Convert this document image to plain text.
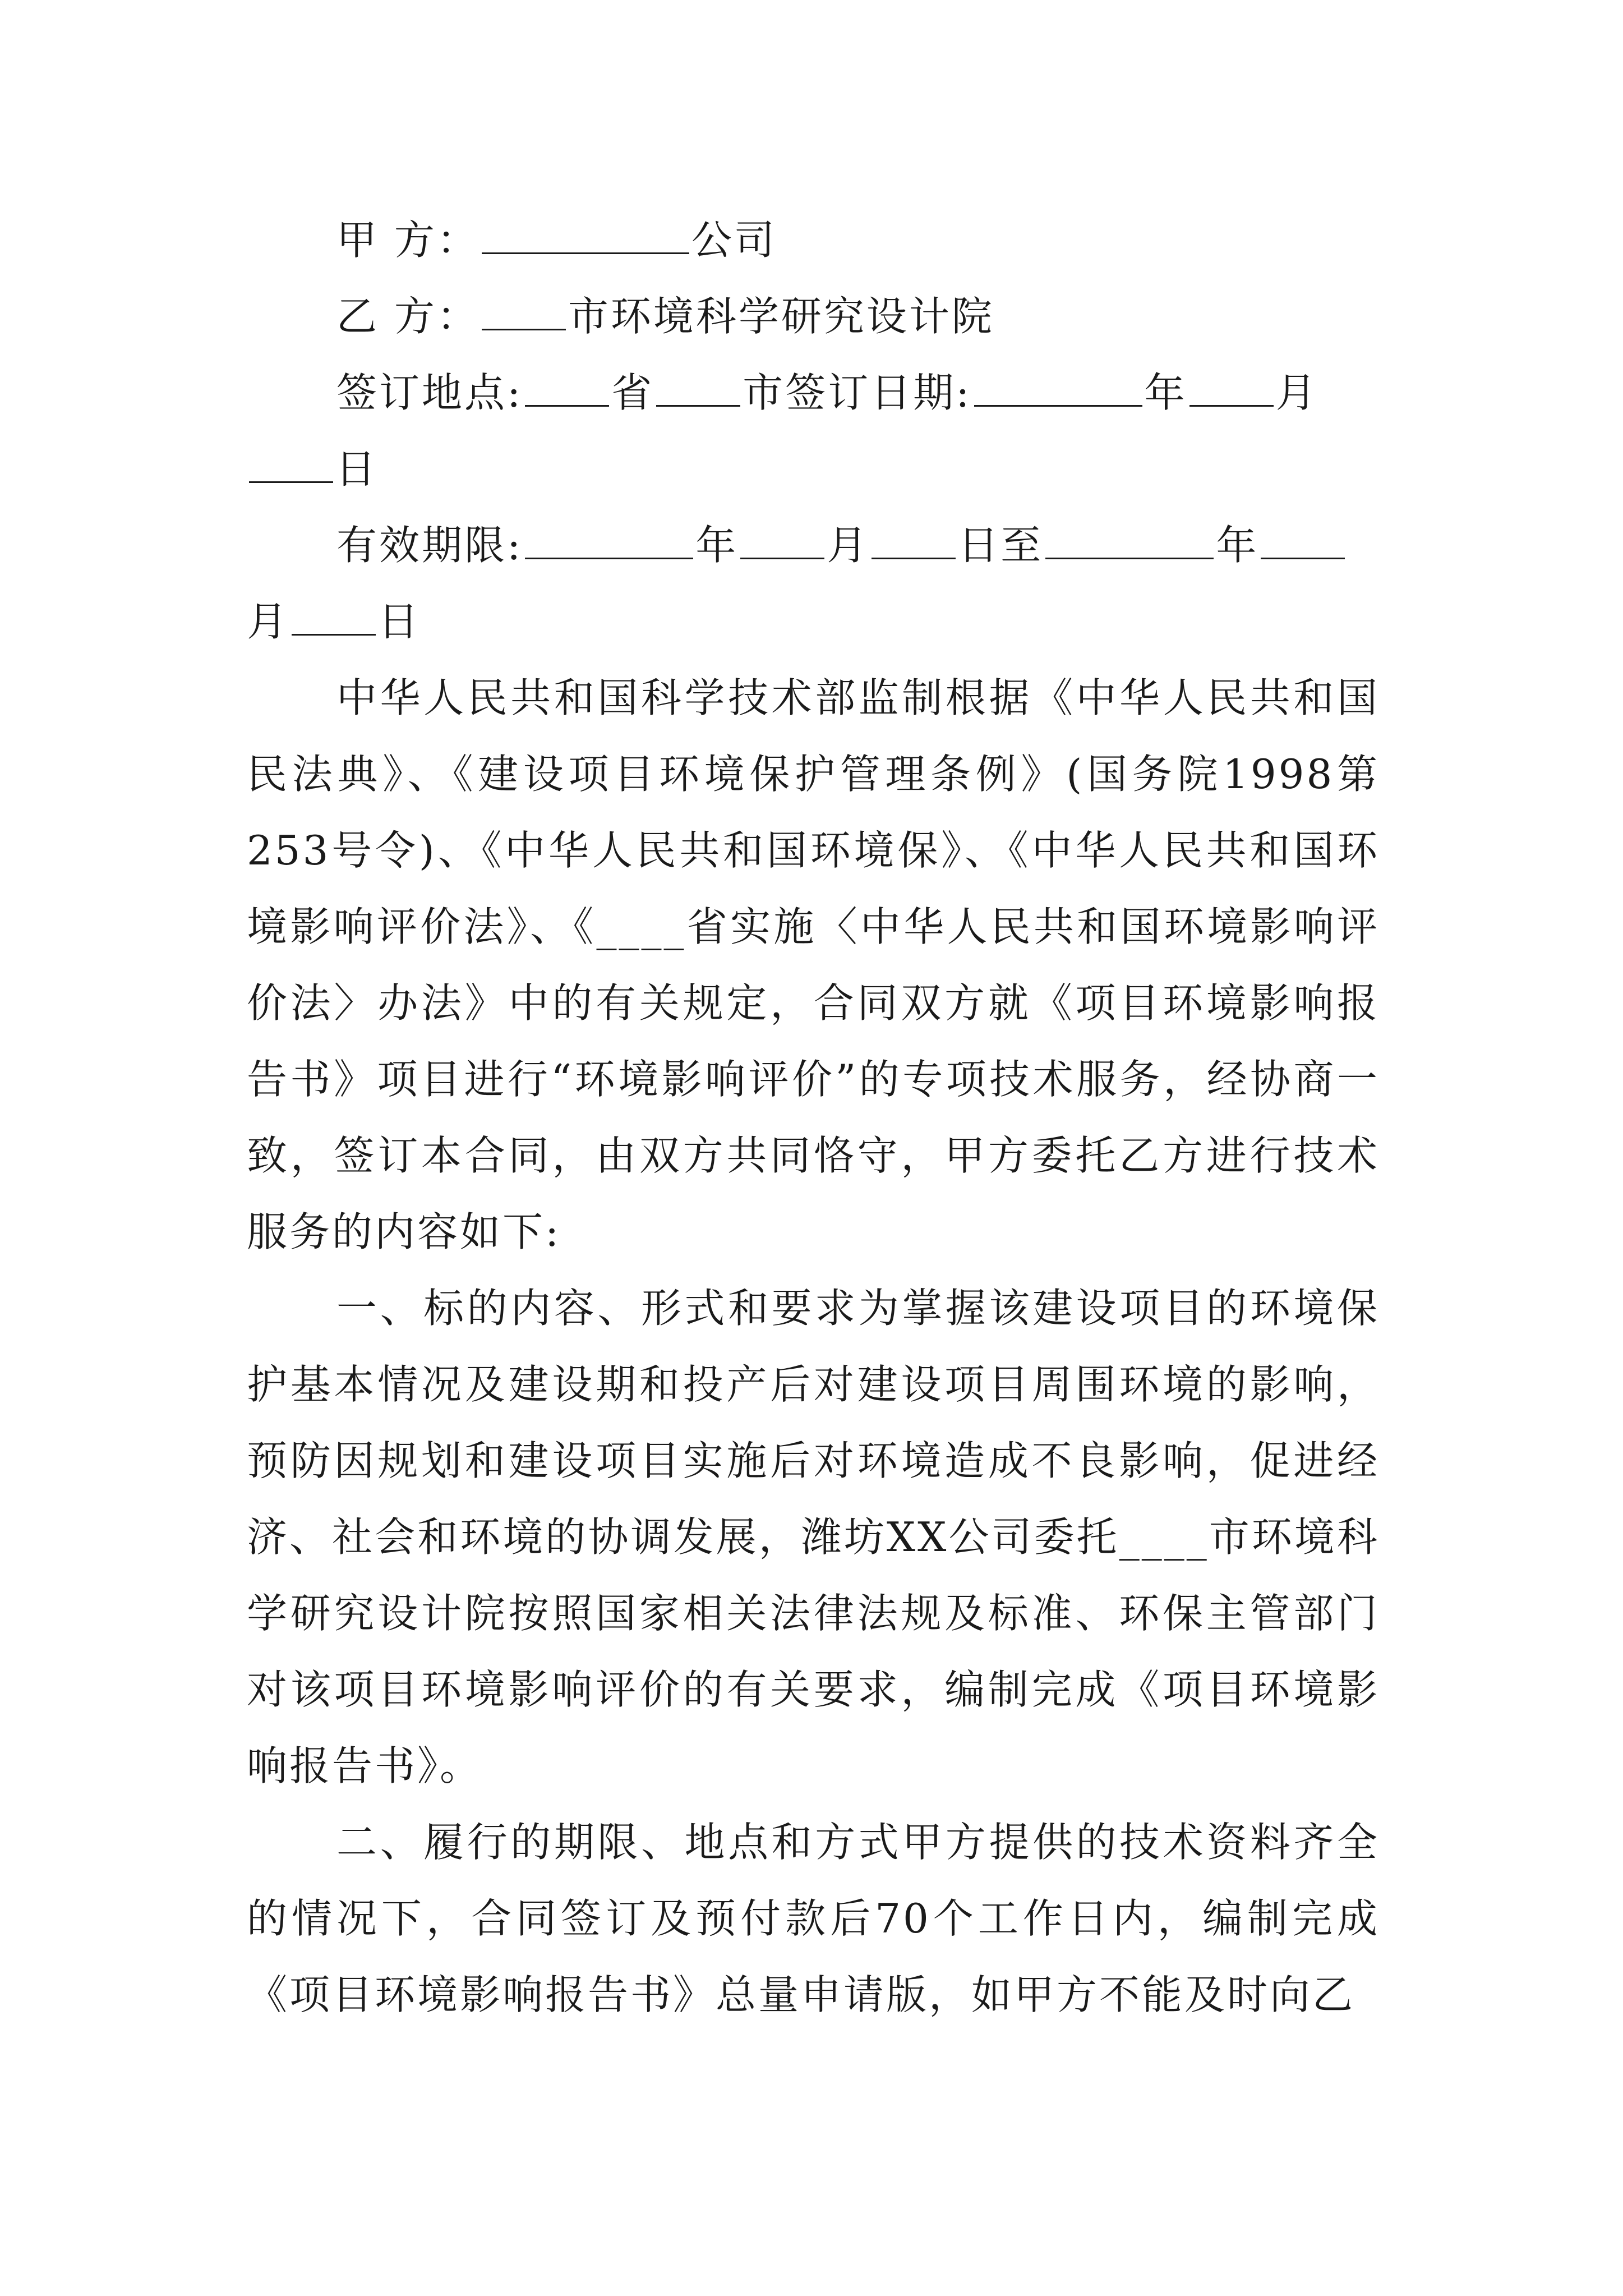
甲 方：	公司
乙 方： 市环境科学研究设计院
签订地点: 省 市签订日期:	年 月
日
有效期限:	年 月 日至	年
月 日

中华人民共和国科学技术部监制根据《中华人民共和国民法典》、《建设项目环境保护管理条例》(国务院1998第253号令)、《中华人民共和国环境保》、《中华人民共和国环境影响评价法》、《____省实施〈中华人民共和国环境影响评价法〉办法》中的有关规定，合同双方就《项目环境影响报告书》项目进行“环境影响评价”的专项技术服务，经协商一致，签订本合同，由双方共同恪守，甲方委托乙方进行技术服务的内容如下:

一、标的内容、形式和要求为掌握该建设项目的环境保护基本情况及建设期和投产后对建设项目周围环境的影响，预防因规划和建设项目实施后对环境造成不良影响，促进经济、社会和环境的协调发展，潍坊XX公司委托____市环境科学研究设计院按照国家相关法律法规及标准、环保主管部门对该项目环境影响评价的有关要求，编制完成《项目环境影响报告书》。

二、履行的期限、地点和方式甲方提供的技术资料齐全的情况下，合同签订及预付款后70个工作日内，编制完成《项目环境影响报告书》总量申请版，如甲方不能及时向乙
